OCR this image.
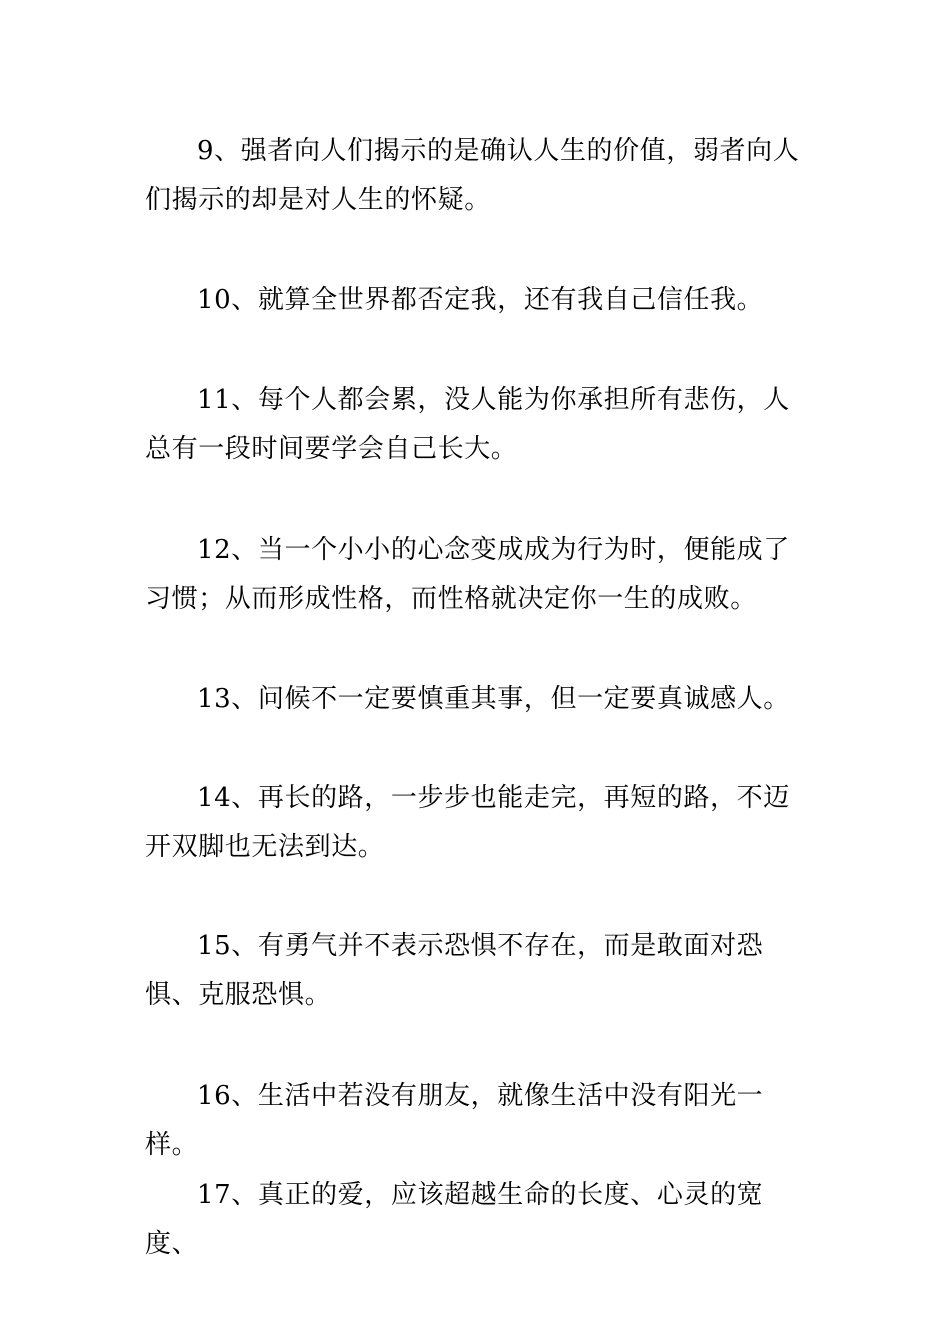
9、强者向人们揭示的是确认人生的价值，弱者向人们揭示的却是对人生的怀疑。

10、就算全世界都否定我，还有我自己信任我。

11、每个人都会累，没人能为你承担所有悲伤，人总有一段时间要学会自己长大。

12、当一个小小的心念变成成为行为时，便能成了习惯；从而形成性格，而性格就决定你一生的成败。

13、问候不一定要慎重其事，但一定要真诚感人。

14、再长的路，一步步也能走完，再短的路，不迈开双脚也无法到达。

15、有勇气并不表示恐惧不存在，而是敢面对恐惧、克服恐惧。

16、生活中若没有朋友，就像生活中没有阳光一样。

17、真正的爱，应该超越生命的长度、心灵的宽度、
